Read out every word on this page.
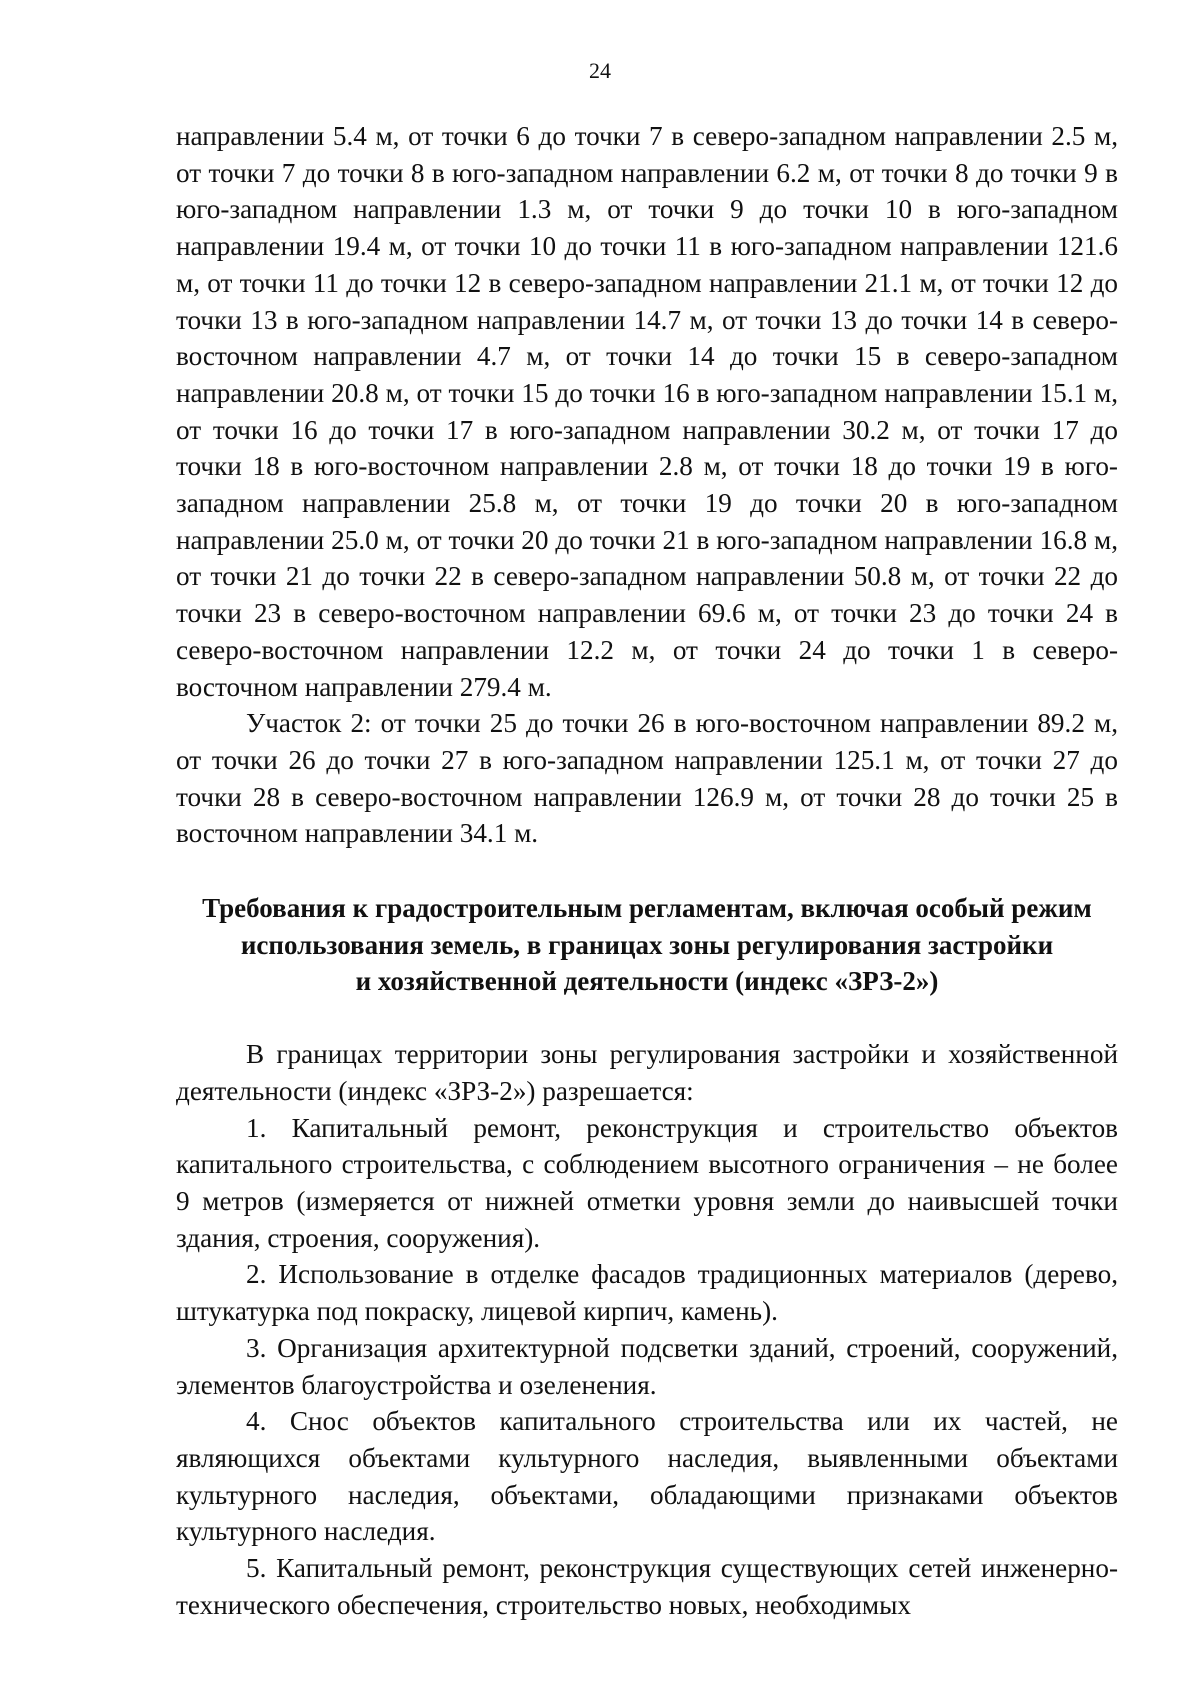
24

направлении 5.4 м, от точки 6 до точки 7 в северо-западном направлении 2.5 м, от точки 7 до точки 8 в юго-западном направлении 6.2 м, от точки 8 до точки 9 в юго-западном направлении 1.3 м, от точки 9 до точки 10 в юго-западном направлении 19.4 м, от точки 10 до точки 11 в юго-западном направлении 121.6 м, от точки 11 до точки 12 в северо-западном направлении 21.1 м, от точки 12 до точки 13 в юго-западном направлении 14.7 м, от точки 13 до точки 14 в северо-восточном направлении 4.7 м, от точки 14 до точки 15 в северо-западном направлении 20.8 м, от точки 15 до точки 16 в юго-западном направлении 15.1 м, от точки 16 до точки 17 в юго-западном направлении 30.2 м, от точки 17 до точки 18 в юго-восточном направлении 2.8 м, от точки 18 до точки 19 в юго-западном направлении 25.8 м, от точки 19 до точки 20 в юго-западном направлении 25.0 м, от точки 20 до точки 21 в юго-западном направлении 16.8 м, от точки 21 до точки 22 в северо-западном направлении 50.8 м, от точки 22 до точки 23 в северо-восточном направлении 69.6 м, от точки 23 до точки 24 в северо-восточном направлении 12.2 м, от точки 24 до точки 1 в северо-восточном направлении 279.4 м.

Участок 2: от точки 25 до точки 26 в юго-восточном направлении 89.2 м, от точки 26 до точки 27 в юго-западном направлении 125.1 м, от точки 27 до точки 28 в северо-восточном направлении 126.9 м, от точки 28 до точки 25 в восточном направлении 34.1 м.

Требования к градостроительным регламентам, включая особый режим
использования земель, в границах зоны регулирования застройки
и хозяйственной деятельности (индекс «ЗРЗ-2»)

В границах территории зоны регулирования застройки и хозяйственной деятельности (индекс «ЗРЗ-2») разрешается:

1. Капитальный ремонт, реконструкция и строительство объектов капитального строительства, с соблюдением высотного ограничения – не более 9 метров (измеряется от нижней отметки уровня земли до наивысшей точки здания, строения, сооружения).

2. Использование в отделке фасадов традиционных материалов (дерево, штукатурка под покраску, лицевой кирпич, камень).

3. Организация архитектурной подсветки зданий, строений, сооружений, элементов благоустройства и озеленения.

4. Снос объектов капитального строительства или их частей, не являющихся объектами культурного наследия, выявленными объектами культурного наследия, объектами, обладающими признаками объектов культурного наследия.

5. Капитальный ремонт, реконструкция существующих сетей инженерно-технического обеспечения, строительство новых, необходимых
